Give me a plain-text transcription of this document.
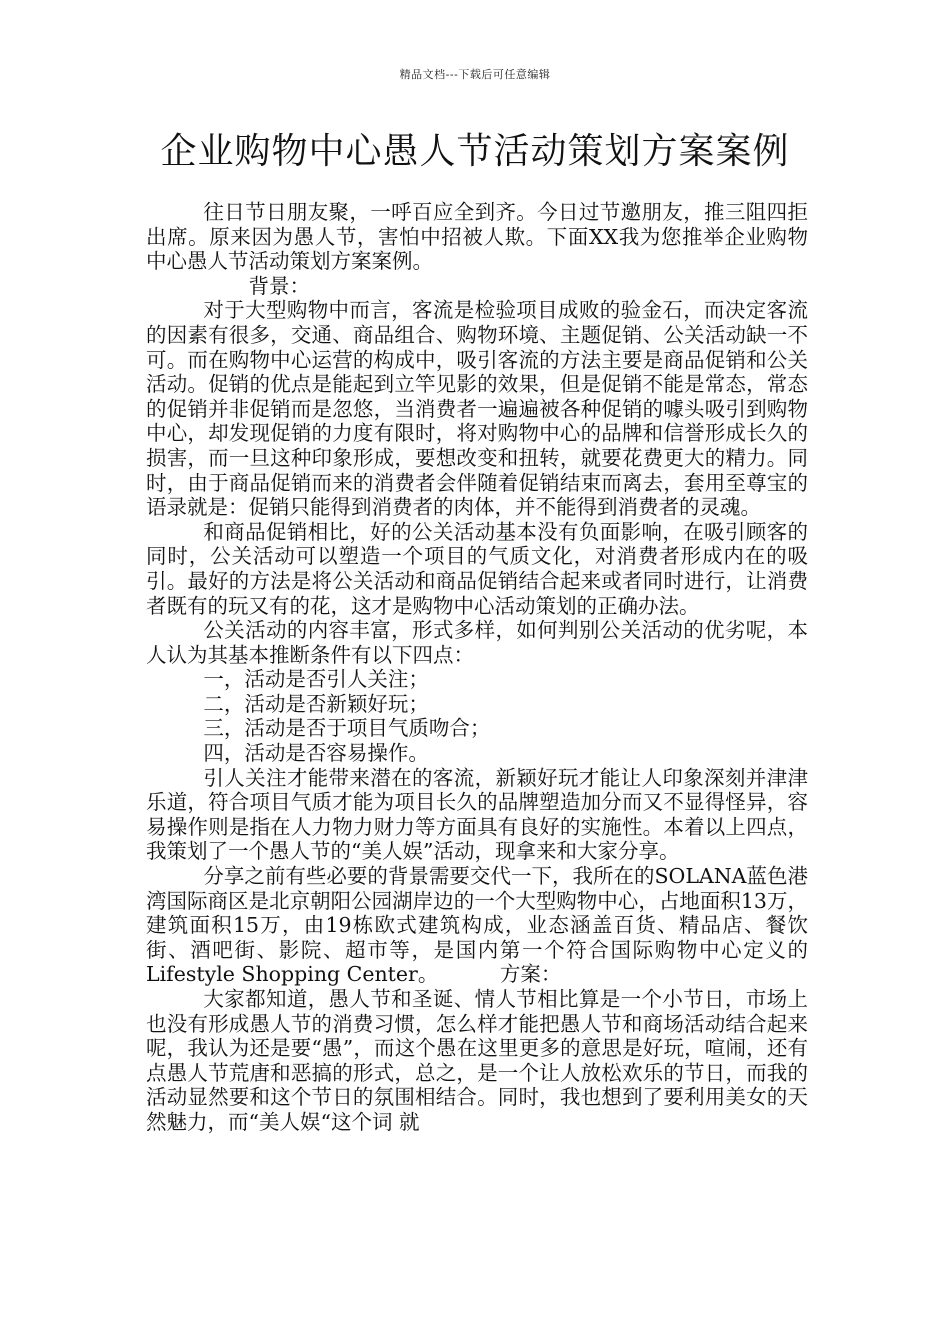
精品文档---下载后可任意编辑
企业购物中心愚人节活动策划方案案例

往日节日朋友聚，一呼百应全到齐。今日过节邀朋友，推三阻四拒出席。原来因为愚人节，害怕中招被人欺。下面XX我为您推举企业购物中心愚人节活动策划方案案例。

背景：

对于大型购物中而言，客流是检验项目成败的验金石，而决定客流的因素有很多，交通、商品组合、购物环境、主题促销、公关活动缺一不可。而在购物中心运营的构成中，吸引客流的方法主要是商品促销和公关活动。促销的优点是能起到立竿见影的效果，但是促销不能是常态，常态的促销并非促销而是忽悠，当消费者一遍遍被各种促销的噱头吸引到购物中心，却发现促销的力度有限时，将对购物中心的品牌和信誉形成长久的损害，而一旦这种印象形成，要想改变和扭转，就要花费更大的精力。同时，由于商品促销而来的消费者会伴随着促销结束而离去，套用至尊宝的语录就是：促销只能得到消费者的肉体，并不能得到消费者的灵魂。

和商品促销相比，好的公关活动基本没有负面影响，在吸引顾客的同时，公关活动可以塑造一个项目的气质文化，对消费者形成内在的吸引。最好的方法是将公关活动和商品促销结合起来或者同时进行，让消费者既有的玩又有的花，这才是购物中心活动策划的正确办法。

公关活动的内容丰富，形式多样，如何判别公关活动的优劣呢，本人认为其基本推断条件有以下四点：

一，活动是否引人关注；

二，活动是否新颖好玩；

三，活动是否于项目气质吻合；

四，活动是否容易操作。

引人关注才能带来潜在的客流，新颖好玩才能让人印象深刻并津津乐道，符合项目气质才能为项目长久的品牌塑造加分而又不显得怪异，容易操作则是指在人力物力财力等方面具有良好的实施性。本着以上四点，我策划了一个愚人节的“美人娱”活动，现拿来和大家分享。

分享之前有些必要的背景需要交代一下，我所在的SOLANA蓝色港湾国际商区是北京朝阳公园湖岸边的一个大型购物中心，占地面积13万，建筑面积15万，由19栋欧式建筑构成，业态涵盖百货、精品店、餐饮街、酒吧街、影院、超市等，是国内第一个符合国际购物中心定义的Lifestyle Shopping Center。	方案：

大家都知道，愚人节和圣诞、情人节相比算是一个小节日，市场上也没有形成愚人节的消费习惯，怎么样才能把愚人节和商场活动结合起来呢，我认为还是要“愚”，而这个愚在这里更多的意思是好玩，喧闹，还有点愚人节荒唐和恶搞的形式，总之，是一个让人放松欢乐的节日，而我的活动显然要和这个节日的氛围相结合。同时，我也想到了要利用美女的天然魅力，而“美人娱“这个词 就
